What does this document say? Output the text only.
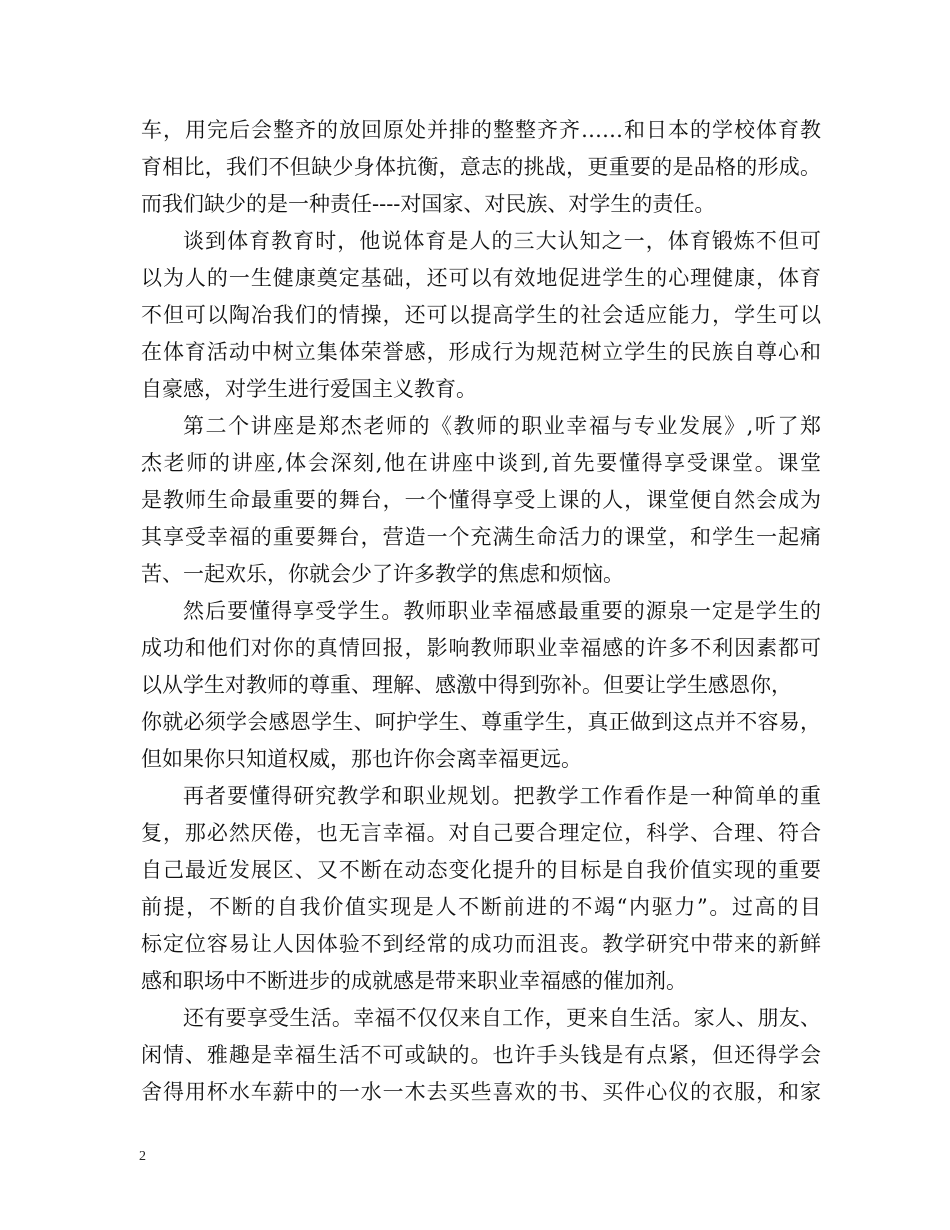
车，用完后会整齐的放回原处并排的整整齐齐……和日本的学校体育教
育相比，我们不但缺少身体抗衡，意志的挑战，更重要的是品格的形成。
而我们缺少的是一种责任----对国家、对民族、对学生的责任。
谈到体育教育时，他说体育是人的三大认知之一，体育锻炼不但可
以为人的一生健康奠定基础，还可以有效地促进学生的心理健康，体育
不但可以陶冶我们的情操，还可以提高学生的社会适应能力，学生可以
在体育活动中树立集体荣誉感，形成行为规范树立学生的民族自尊心和
自豪感，对学生进行爱国主义教育。
第二个讲座是郑杰老师的《教师的职业幸福与专业发展》,听了郑
杰老师的讲座,体会深刻,他在讲座中谈到,首先要懂得享受课堂。课堂
是教师生命最重要的舞台，一个懂得享受上课的人，课堂便自然会成为
其享受幸福的重要舞台，营造一个充满生命活力的课堂，和学生一起痛
苦、一起欢乐，你就会少了许多教学的焦虑和烦恼。
然后要懂得享受学生。教师职业幸福感最重要的源泉一定是学生的
成功和他们对你的真情回报，影响教师职业幸福感的许多不利因素都可
以从学生对教师的尊重、理解、感激中得到弥补。但要让学生感恩你，
你就必须学会感恩学生、呵护学生、尊重学生，真正做到这点并不容易，
但如果你只知道权威，那也许你会离幸福更远。
再者要懂得研究教学和职业规划。把教学工作看作是一种简单的重
复，那必然厌倦，也无言幸福。对自己要合理定位，科学、合理、符合
自己最近发展区、又不断在动态变化提升的目标是自我价值实现的重要
前提，不断的自我价值实现是人不断前进的不竭“内驱力”。过高的目
标定位容易让人因体验不到经常的成功而沮丧。教学研究中带来的新鲜
感和职场中不断进步的成就感是带来职业幸福感的催加剂。
还有要享受生活。幸福不仅仅来自工作，更来自生活。家人、朋友、
闲情、雅趣是幸福生活不可或缺的。也许手头钱是有点紧，但还得学会
舍得用杯水车薪中的一水一木去买些喜欢的书、买件心仪的衣服，和家
2
